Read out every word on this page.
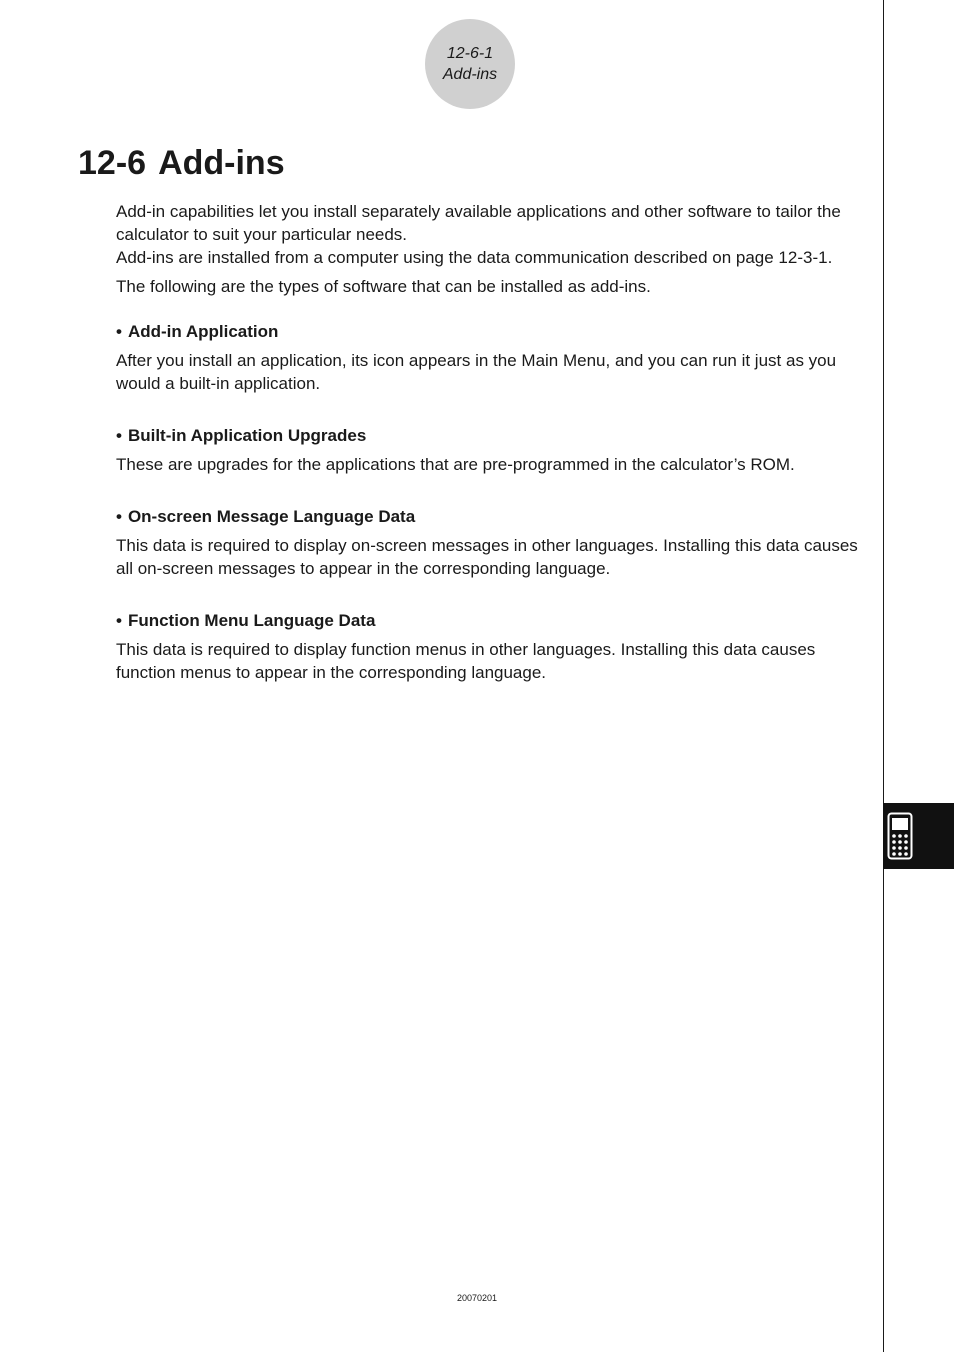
12-6-1
Add-ins
12-6 Add-ins

Add-in capabilities let you install separately available applications and other software to tailor the calculator to suit your particular needs.

Add-ins are installed from a computer using the data communication described on page 12-3-1.

The following are the types of software that can be installed as add-ins.

• Add-in Application

After you install an application, its icon appears in the Main Menu, and you can run it just as you would a built-in application.

• Built-in Application Upgrades

These are upgrades for the applications that are pre-programmed in the calculator’s ROM.

• On-screen Message Language Data

This data is required to display on-screen messages in other languages. Installing this data causes all on-screen messages to appear in the corresponding language.

• Function Menu Language Data

This data is required to display function menus in other languages. Installing this data causes function menus to appear in the corresponding language.

20070201
